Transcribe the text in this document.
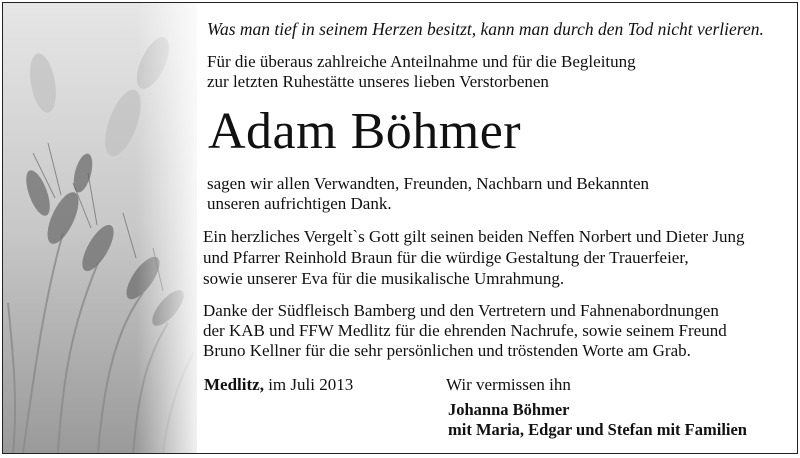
Was man tief in seinem Herzen besitzt, kann man durch den Tod nicht verlieren.
Für die überaus zahlreiche Anteilnahme und für die Begleitung
zur letzten Ruhestätte unseres lieben Verstorbenen
Adam Böhmer
sagen wir allen Verwandten, Freunden, Nachbarn und Bekannten
unseren aufrichtigen Dank.
Ein herzliches Vergelt`s Gott gilt seinen beiden Neffen Norbert und Dieter Jung
und Pfarrer Reinhold Braun für die würdige Gestaltung der Trauerfeier,
sowie unserer Eva für die musikalische Umrahmung.
Danke der Südfleisch Bamberg und den Vertretern und Fahnenabordnungen
der KAB und FFW Medlitz für die ehrenden Nachrufe, sowie seinem Freund
Bruno Kellner für die sehr persönlichen und tröstenden Worte am Grab.
Medlitz, im Juli 2013	Wir vermissen ihn
Johanna Böhmer
mit Maria, Edgar und Stefan mit Familien
